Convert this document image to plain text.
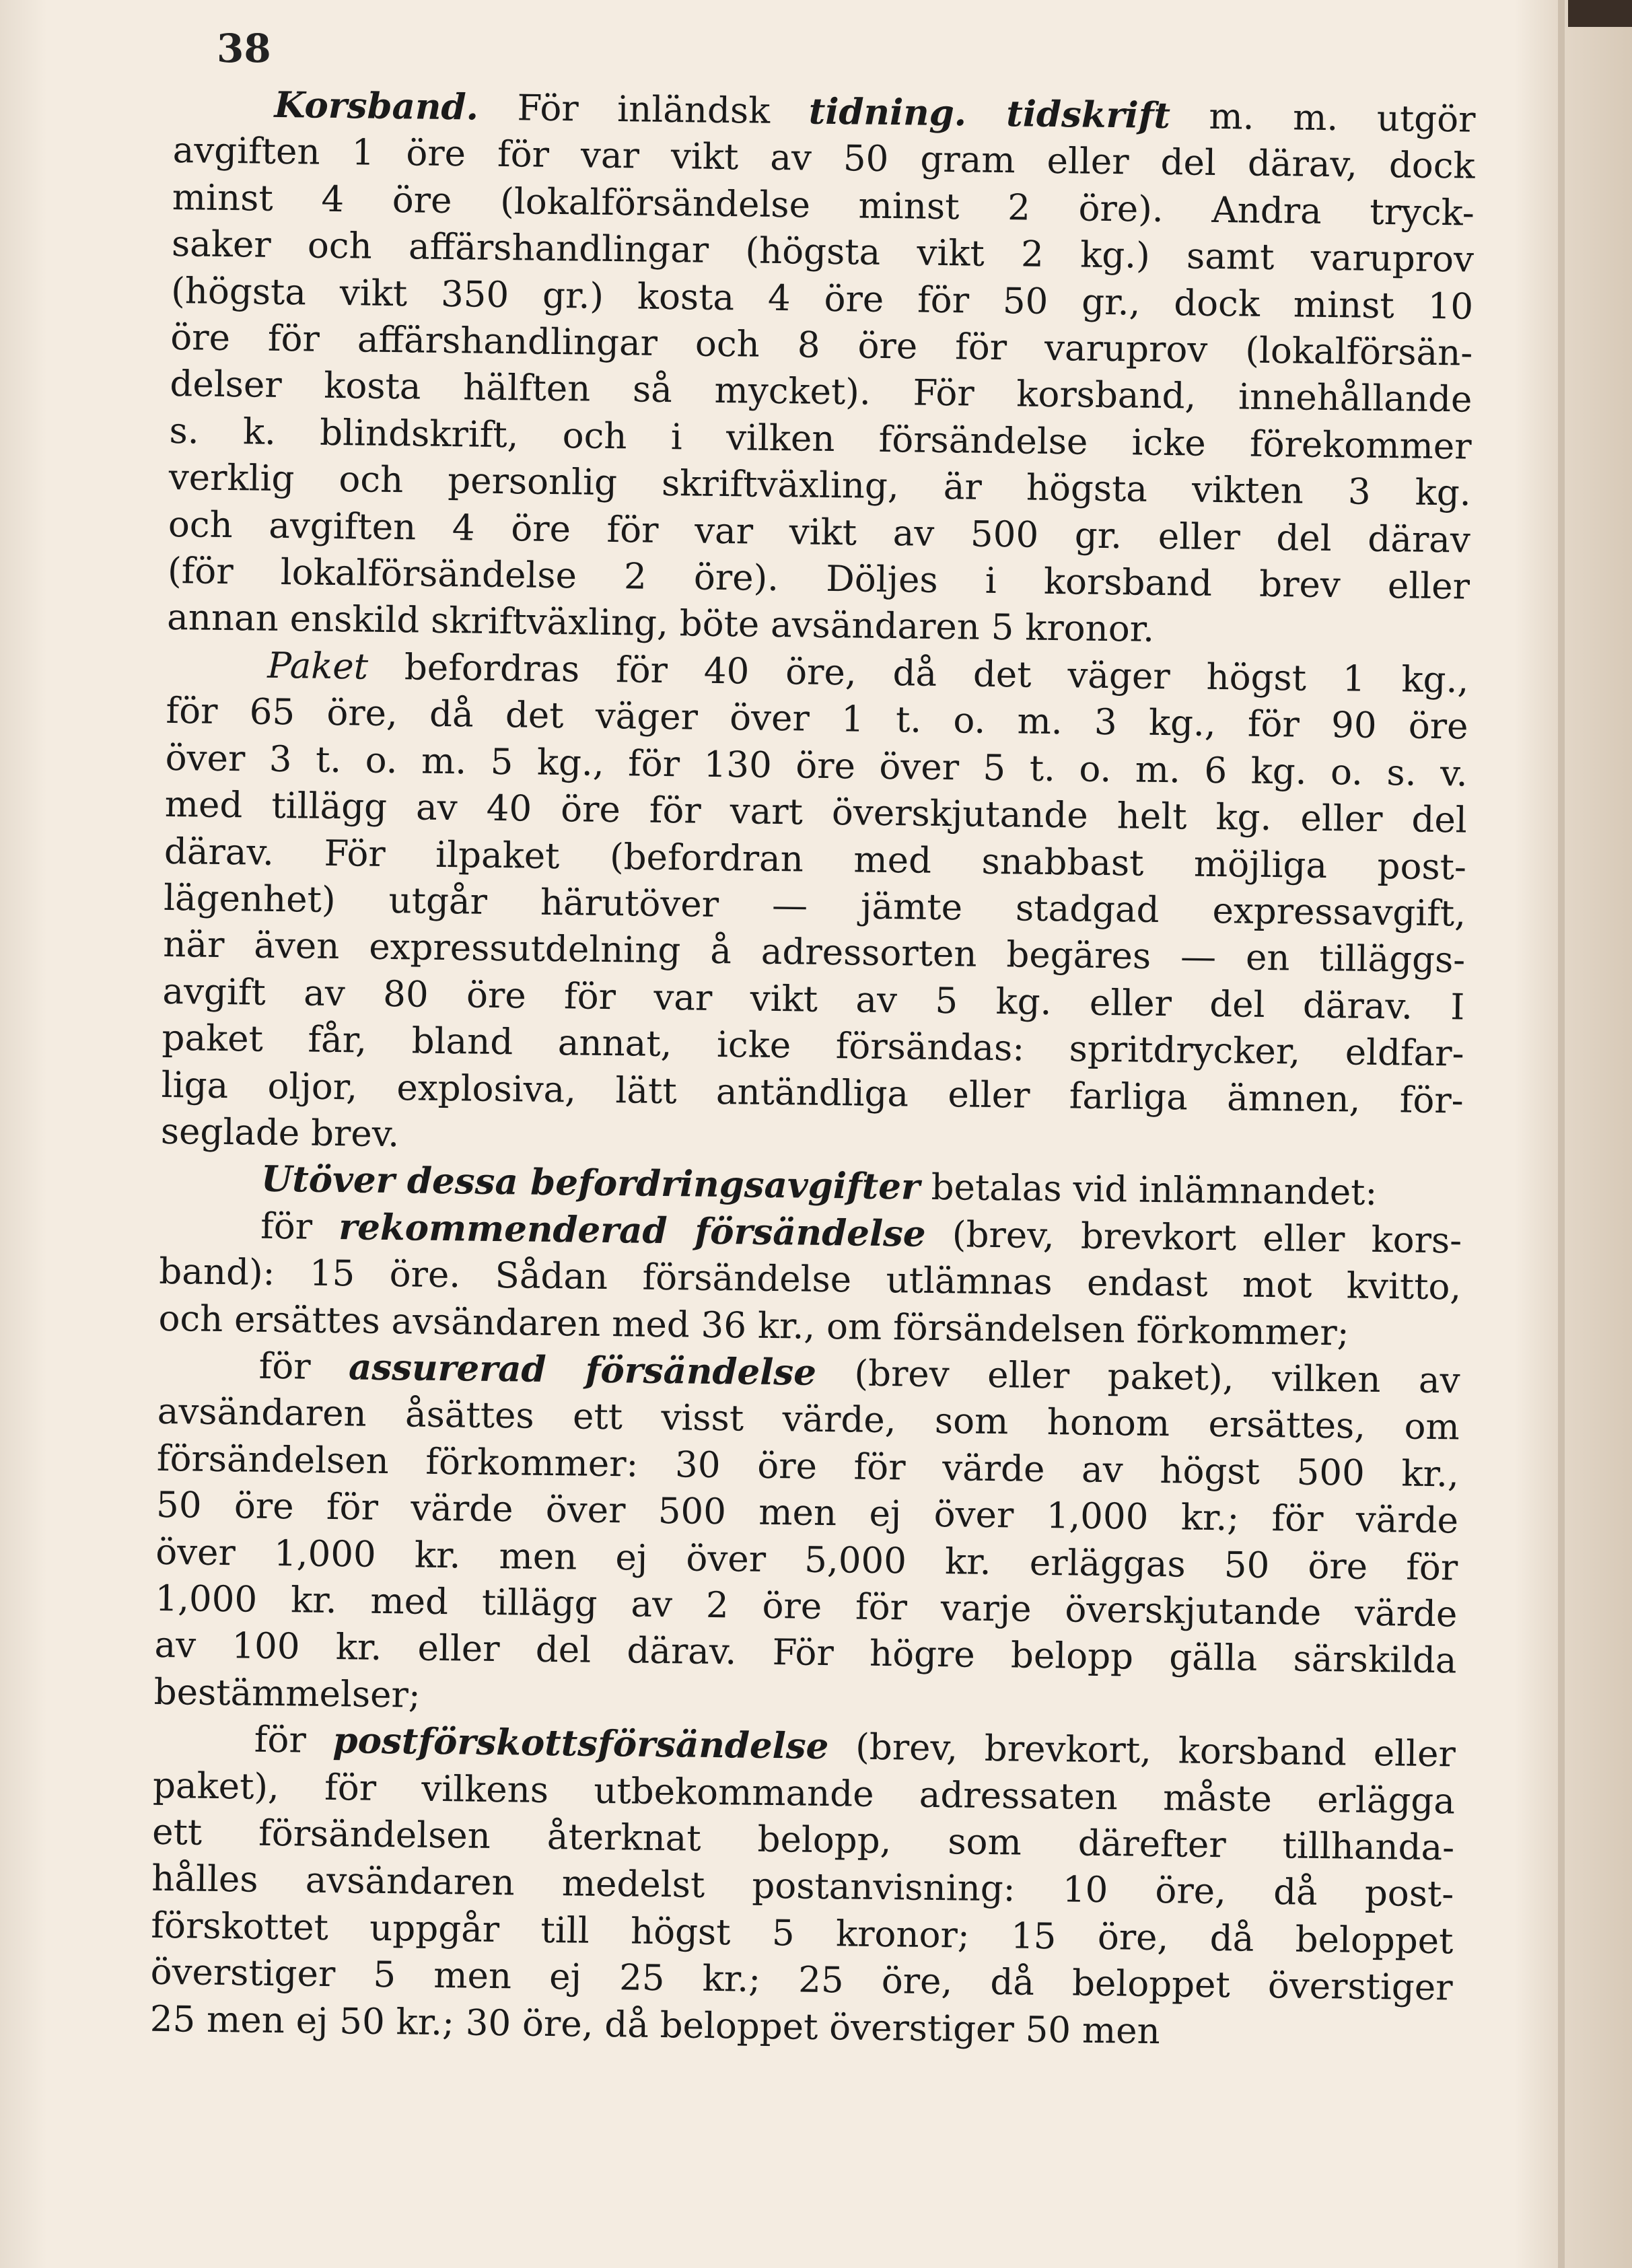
38

Korsband. För inländsk tidning. tidskrift m. m. utgör
avgiften 1 öre för var vikt av 50 gram eller del därav, dock
minst 4 öre (lokalförsändelse minst 2 öre). Andra tryck-
saker och affärshandlingar (högsta vikt 2 kg.) samt varuprov
(högsta vikt 350 gr.) kosta 4 öre för 50 gr., dock minst 10
öre för affärshandlingar och 8 öre för varuprov (lokalförsän-
delser kosta hälften så mycket). För korsband, innehållande
s. k. blindskrift, och i vilken försändelse icke förekommer
verklig och personlig skriftväxling, är högsta vikten 3 kg.
och avgiften 4 öre för var vikt av 500 gr. eller del därav
(för lokalförsändelse 2 öre). Döljes i korsband brev eller
annan enskild skriftväxling, böte avsändaren 5 kronor.

Paket befordras för 40 öre, då det väger högst 1 kg.,
för 65 öre, då det väger över 1 t. o. m. 3 kg., för 90 öre
över 3 t. o. m. 5 kg., för 130 öre över 5 t. o. m. 6 kg. o. s. v.
med tillägg av 40 öre för vart överskjutande helt kg. eller del
därav. För ilpaket (befordran med snabbast möjliga post-
lägenhet) utgår härutöver — jämte stadgad expressavgift,
när även expressutdelning å adressorten begäres — en tilläggs-
avgift av 80 öre för var vikt av 5 kg. eller del därav. I
paket får, bland annat, icke försändas: spritdrycker, eldfar-
liga oljor, explosiva, lätt antändliga eller farliga ämnen, för-
seglade brev.

Utöver dessa befordringsavgifter betalas vid inlämnandet:

för rekommenderad försändelse (brev, brevkort eller kors-
band): 15 öre. Sådan försändelse utlämnas endast mot kvitto,
och ersättes avsändaren med 36 kr., om försändelsen förkommer;

för assurerad försändelse (brev eller paket), vilken av
avsändaren åsättes ett visst värde, som honom ersättes, om
försändelsen förkommer: 30 öre för värde av högst 500 kr.,
50 öre för värde över 500 men ej över 1,000 kr.; för värde
över 1,000 kr. men ej över 5,000 kr. erläggas 50 öre för
1,000 kr. med tillägg av 2 öre för varje överskjutande värde
av 100 kr. eller del därav. För högre belopp gälla särskilda
bestämmelser;

för postförskottsförsändelse (brev, brevkort, korsband eller
paket), för vilkens utbekommande adressaten måste erlägga
ett försändelsen återknat belopp, som därefter tillhanda-
hålles avsändaren medelst postanvisning: 10 öre, då post-
förskottet uppgår till högst 5 kronor; 15 öre, då beloppet
överstiger 5 men ej 25 kr.; 25 öre, då beloppet överstiger
25 men ej 50 kr.; 30 öre, då beloppet överstiger 50 men
